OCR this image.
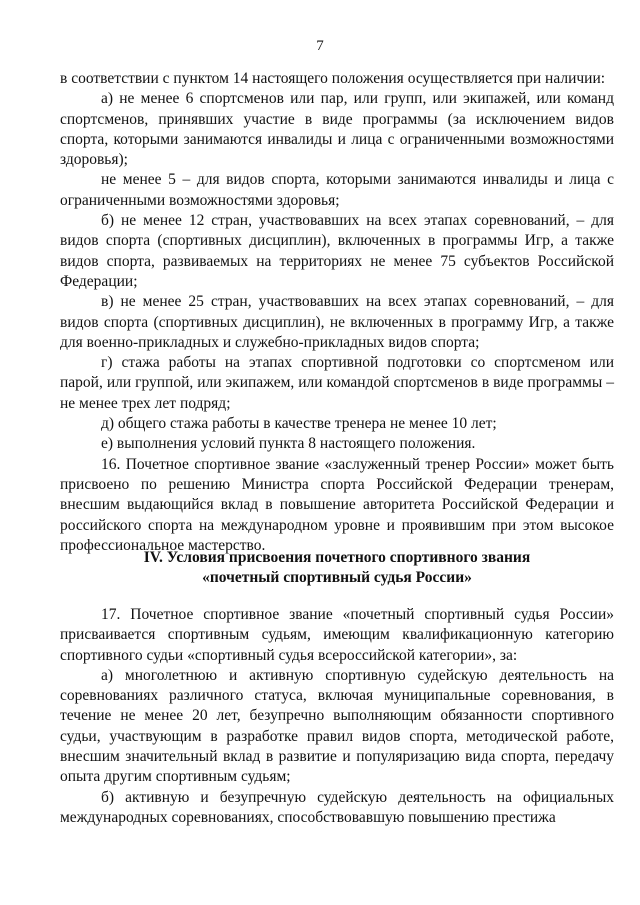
7

в соответствии с пунктом 14 настоящего положения осуществляется при наличии:

а) не менее 6 спортсменов или пар, или групп, или экипажей, или команд спортсменов, принявших участие в виде программы (за исключением видов спорта, которыми занимаются инвалиды и лица с ограниченными возможностями здоровья);

не менее 5 – для видов спорта, которыми занимаются инвалиды и лица с ограниченными возможностями здоровья;

б) не менее 12 стран, участвовавших на всех этапах соревнований, – для видов спорта (спортивных дисциплин), включенных в программы Игр, а также видов спорта, развиваемых на территориях не менее 75 субъектов Российской Федерации;

в) не менее 25 стран, участвовавших на всех этапах соревнований, – для видов спорта (спортивных дисциплин), не включенных в программу Игр, а также для военно-прикладных и служебно-прикладных видов спорта;

г) стажа работы на этапах спортивной подготовки со спортсменом или парой, или группой, или экипажем, или командой спортсменов в виде программы – не менее трех лет подряд;

д) общего стажа работы в качестве тренера не менее 10 лет;

е) выполнения условий пункта 8 настоящего положения.

16. Почетное спортивное звание «заслуженный тренер России» может быть присвоено по решению Министра спорта Российской Федерации тренерам, внесшим выдающийся вклад в повышение авторитета Российской Федерации и российского спорта на международном уровне и проявившим при этом высокое профессиональное мастерство.

IV. Условия присвоения почетного спортивного звания
«почетный спортивный судья России»

17. Почетное спортивное звание «почетный спортивный судья России» присваивается спортивным судьям, имеющим квалификационную категорию спортивного судьи «спортивный судья всероссийской категории», за:

а) многолетнюю и активную спортивную судейскую деятельность на соревнованиях различного статуса, включая муниципальные соревнования, в течение не менее 20 лет, безупречно выполняющим обязанности спортивного судьи, участвующим в разработке правил видов спорта, методической работе, внесшим значительный вклад в развитие и популяризацию вида спорта, передачу опыта другим спортивным судьям;

б) активную и безупречную судейскую деятельность на официальных международных соревнованиях, способствовавшую повышению престижа
